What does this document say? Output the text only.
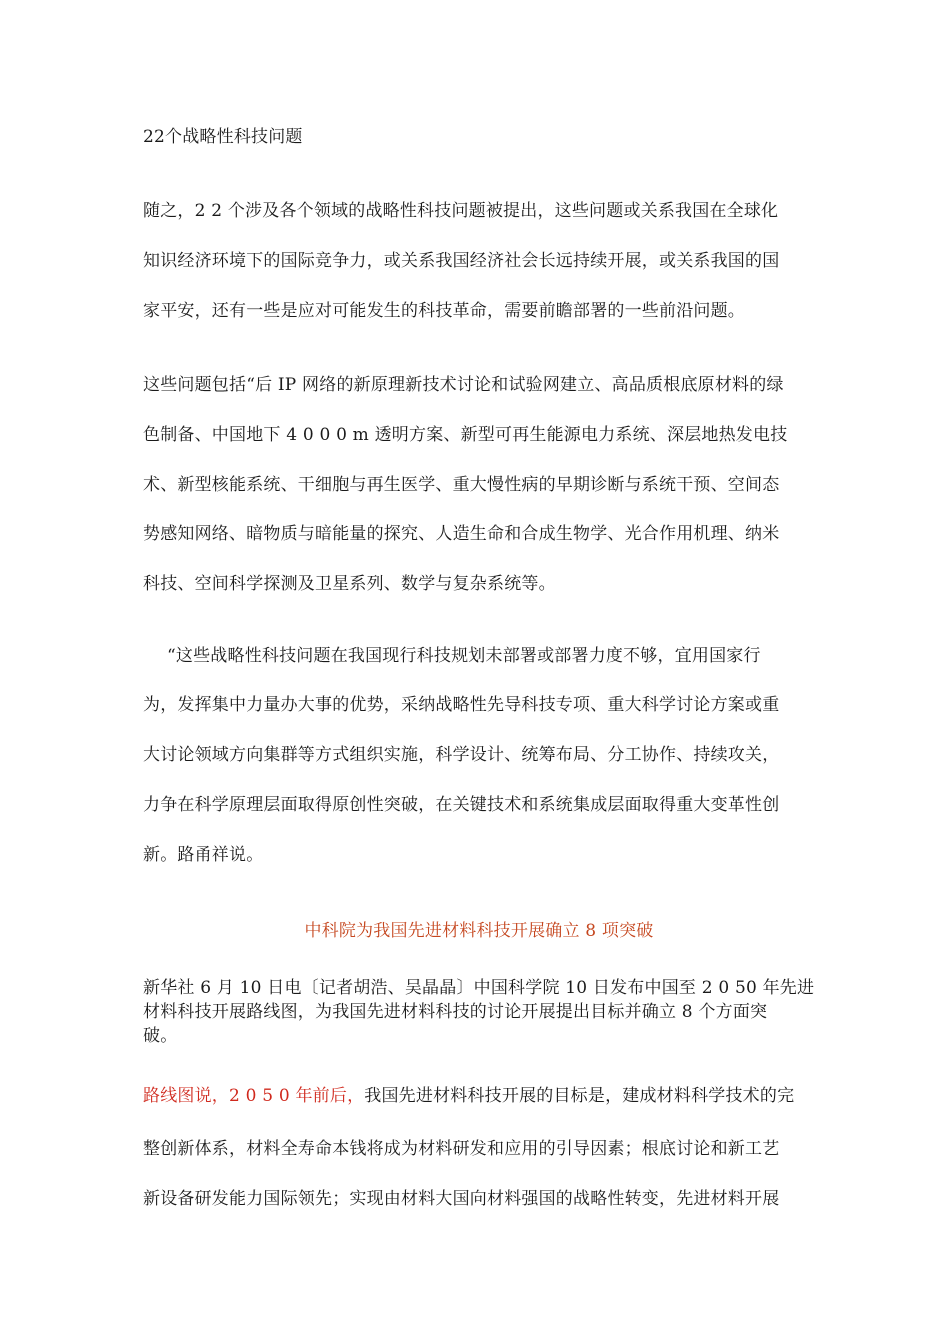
22个战略性科技问题
随之，2 2 个涉及各个领域的战略性科技问题被提出，这些问题或关系我国在全球化
知识经济环境下的国际竞争力，或关系我国经济社会长远持续开展，或关系我国的国
家平安，还有一些是应对可能发生的科技革命，需要前瞻部署的一些前沿问题。
这些问题包括“后 IP 网络的新原理新技术讨论和试验网建立、高品质根底原材料的绿
色制备、中国地下 4 0 0 0 m 透明方案、新型可再生能源电力系统、深层地热发电技
术、新型核能系统、干细胞与再生医学、重大慢性病的早期诊断与系统干预、空间态
势感知网络、暗物质与暗能量的探究、人造生命和合成生物学、光合作用机理、纳米
科技、空间科学探测及卫星系列、数学与复杂系统等。
“这些战略性科技问题在我国现行科技规划未部署或部署力度不够，宜用国家行
为，发挥集中力量办大事的优势，采纳战略性先导科技专项、重大科学讨论方案或重
大讨论领域方向集群等方式组织实施，科学设计、统筹布局、分工协作、持续攻关，
力争在科学原理层面取得原创性突破，在关键技术和系统集成层面取得重大变革性创
新。路甬祥说。
中科院为我国先进材料科技开展确立 8 项突破
新华社 6 月 10 日电〔记者胡浩、吴晶晶〕中国科学院 10 日发布中国至 2 0 50 年先进
材料科技开展路线图，为我国先进材料科技的讨论开展提出目标并确立 8 个方面突
破。
路线图说，2 0 5 0 年前后，我国先进材料科技开展的目标是，建成材料科学技术的完
整创新体系，材料全寿命本钱将成为材料研发和应用的引导因素；根底讨论和新工艺
新设备研发能力国际领先；实现由材料大国向材料强国的战略性转变，先进材料开展
